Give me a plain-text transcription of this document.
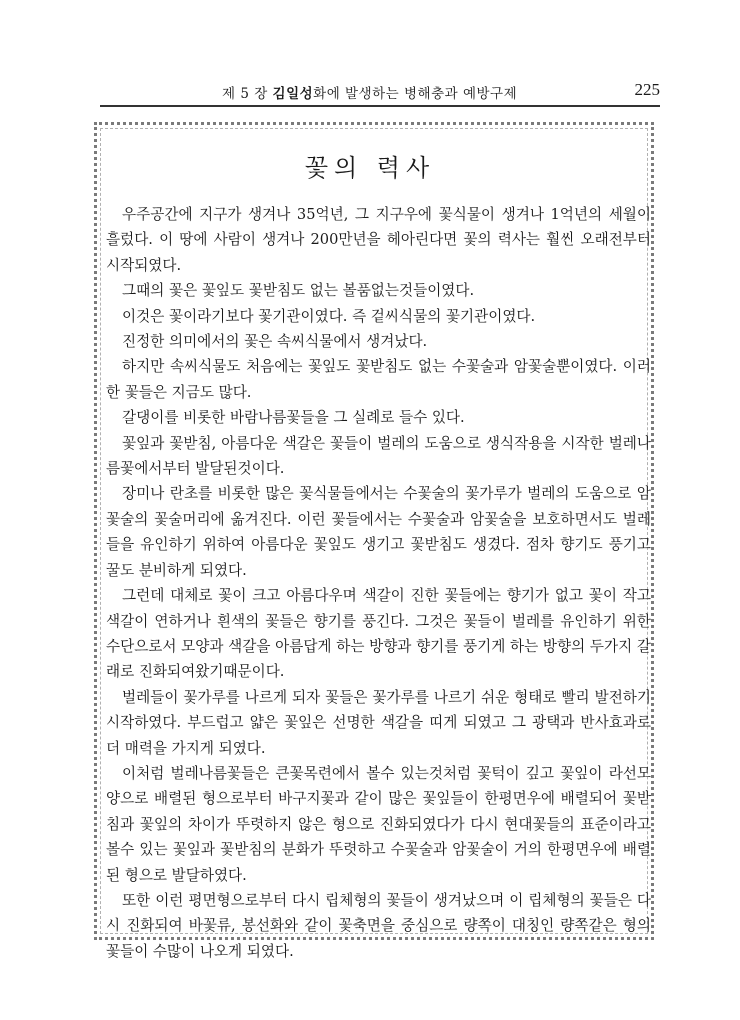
제 5 장 김일성화에 발생하는 병해충과 예방구제	225
꽃의 력사

우주공간에 지구가 생겨나 35억년, 그 지구우에 꽃식물이 생겨나 1억년의 세월이 흘렀다. 이 땅에 사람이 생겨나 200만년을 헤아린다면 꽃의 력사는 훨씬 오래전부터 시작되였다.

그때의 꽃은 꽃잎도 꽃받침도 없는 볼품없는것들이였다.

이것은 꽃이라기보다 꽃기관이였다. 즉 겉씨식물의 꽃기관이였다.

진정한 의미에서의 꽃은 속씨식물에서 생겨났다.

하지만 속씨식물도 처음에는 꽃잎도 꽃받침도 없는 수꽃술과 암꽃술뿐이였다. 이러한 꽃들은 지금도 많다.

갈댕이를 비롯한 바람나름꽃들을 그 실례로 들수 있다.

꽃잎과 꽃받침, 아름다운 색갈은 꽃들이 벌레의 도움으로 생식작용을 시작한 벌레나름꽃에서부터 발달된것이다.

장미나 란초를 비롯한 많은 꽃식물들에서는 수꽃술의 꽃가루가 벌레의 도움으로 암꽃술의 꽃술머리에 옮겨진다. 이런 꽃들에서는 수꽃술과 암꽃술을 보호하면서도 벌레들을 유인하기 위하여 아름다운 꽃잎도 생기고 꽃받침도 생겼다. 점차 향기도 풍기고 꿀도 분비하게 되였다.

그런데 대체로 꽃이 크고 아름다우며 색갈이 진한 꽃들에는 향기가 없고 꽃이 작고 색갈이 연하거나 흰색의 꽃들은 향기를 풍긴다. 그것은 꽃들이 벌레를 유인하기 위한 수단으로서 모양과 색갈을 아름답게 하는 방향과 향기를 풍기게 하는 방향의 두가지 갈래로 진화되여왔기때문이다.

벌레들이 꽃가루를 나르게 되자 꽃들은 꽃가루를 나르기 쉬운 형태로 빨리 발전하기 시작하였다. 부드럽고 얇은 꽃잎은 선명한 색갈을 띠게 되였고 그 광택과 반사효과로 더 매력을 가지게 되였다.

이처럼 벌레나름꽃들은 큰꽃목련에서 볼수 있는것처럼 꽃턱이 깊고 꽃잎이 라선모양으로 배렬된 형으로부터 바구지꽃과 같이 많은 꽃잎들이 한평면우에 배렬되어 꽃받침과 꽃잎의 차이가 뚜렷하지 않은 형으로 진화되였다가 다시 현대꽃들의 표준이라고 볼수 있는 꽃잎과 꽃받침의 분화가 뚜렷하고 수꽃술과 암꽃술이 거의 한평면우에 배렬된 형으로 발달하였다.

또한 이런 평면형으로부터 다시 립체형의 꽃들이 생겨났으며 이 립체형의 꽃들은 다시 진화되여 바꽃류, 봉선화와 같이 꽃축면을 중심으로 량쪽이 대칭인 량쪽같은 형의 꽃들이 수많이 나오게 되였다.
